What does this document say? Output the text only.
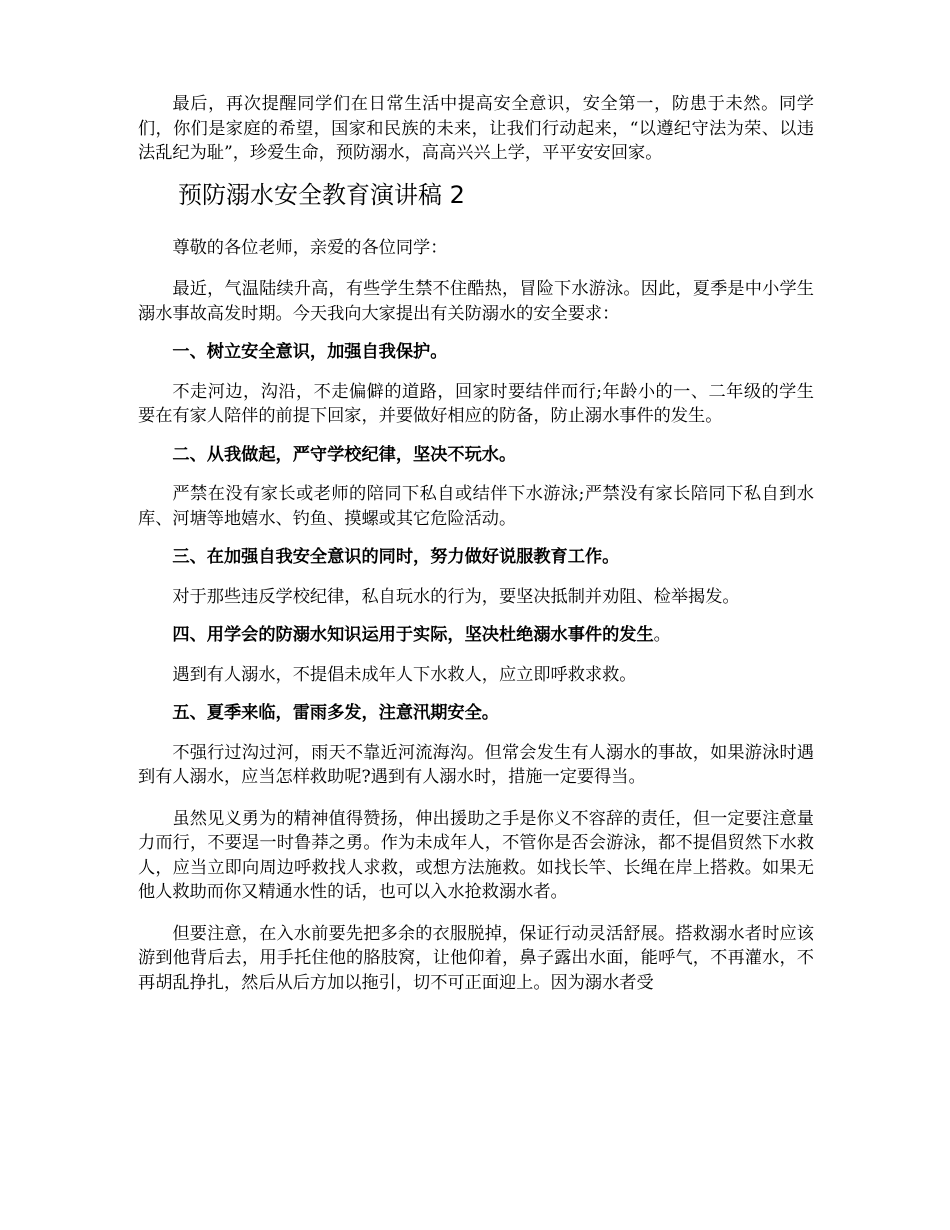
最后，再次提醒同学们在日常生活中提高安全意识，安全第一，防患于未然。同学们，你们是家庭的希望，国家和民族的未来，让我们行动起来，“以遵纪守法为荣、以违法乱纪为耻”，珍爱生命，预防溺水，高高兴兴上学，平平安安回家。

预防溺水安全教育演讲稿 2

尊敬的各位老师，亲爱的各位同学：

最近，气温陆续升高，有些学生禁不住酷热，冒险下水游泳。因此，夏季是中小学生溺水事故高发时期。今天我向大家提出有关防溺水的安全要求：

一、树立安全意识，加强自我保护。

不走河边，沟沿，不走偏僻的道路，回家时要结伴而行;年龄小的一、二年级的学生要在有家人陪伴的前提下回家，并要做好相应的防备，防止溺水事件的发生。

二、从我做起，严守学校纪律，坚决不玩水。

严禁在没有家长或老师的陪同下私自或结伴下水游泳;严禁没有家长陪同下私自到水库、河塘等地嬉水、钓鱼、摸螺或其它危险活动。

三、在加强自我安全意识的同时，努力做好说服教育工作。

对于那些违反学校纪律，私自玩水的行为，要坚决抵制并劝阻、检举揭发。

四、用学会的防溺水知识运用于实际，坚决杜绝溺水事件的发生。

遇到有人溺水，不提倡未成年人下水救人，应立即呼救求救。

五、夏季来临，雷雨多发，注意汛期安全。

不强行过沟过河，雨天不靠近河流海沟。但常会发生有人溺水的事故，如果游泳时遇到有人溺水，应当怎样救助呢?遇到有人溺水时，措施一定要得当。

虽然见义勇为的精神值得赞扬，伸出援助之手是你义不容辞的责任，但一定要注意量力而行，不要逞一时鲁莽之勇。作为未成年人，不管你是否会游泳，都不提倡贸然下水救人，应当立即向周边呼救找人求救，或想方法施救。如找长竿、长绳在岸上搭救。如果无他人救助而你又精通水性的话，也可以入水抢救溺水者。

但要注意，在入水前要先把多余的衣服脱掉，保证行动灵活舒展。搭救溺水者时应该游到他背后去，用手托住他的胳肢窝，让他仰着，鼻子露出水面，能呼气，不再灌水，不再胡乱挣扎，然后从后方加以拖引，切不可正面迎上。因为溺水者受
